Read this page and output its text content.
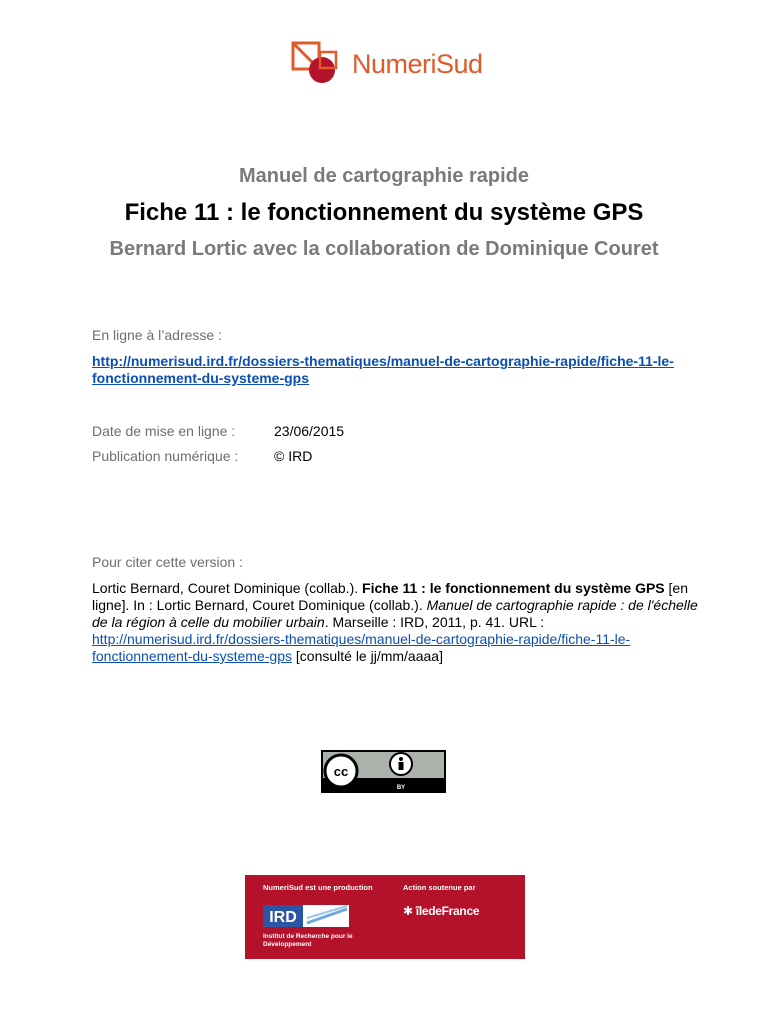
NumeriSud
Manuel de cartographie rapide
Fiche 11 : le fonctionnement du système GPS
Bernard Lortic avec la collaboration de Dominique Couret
En ligne à l’adresse :
http://numerisud.ird.fr/dossiers-thematiques/manuel-de-cartographie-rapide/fiche-11-le-fonctionnement-du-systeme-gps
Date de mise en ligne :	23/06/2015
Publication numérique :	© IRD
Pour citer cette version :
Lortic Bernard, Couret Dominique (collab.). Fiche 11 : le fonctionnement du système GPS [en ligne]. In : Lortic Bernard, Couret Dominique (collab.). Manuel de cartographie rapide : de l'échelle de la région à celle du mobilier urbain. Marseille : IRD, 2011, p. 41. URL : http://numerisud.ird.fr/dossiers-thematiques/manuel-de-cartographie-rapide/fiche-11-le-fonctionnement-du-systeme-gps [consulté le jj/mm/aaaa]
cc
BY
NumeriSud est une production	Action soutenue par
IRD
Institut de Recherche pour le Développement
✱ îledeFrance
